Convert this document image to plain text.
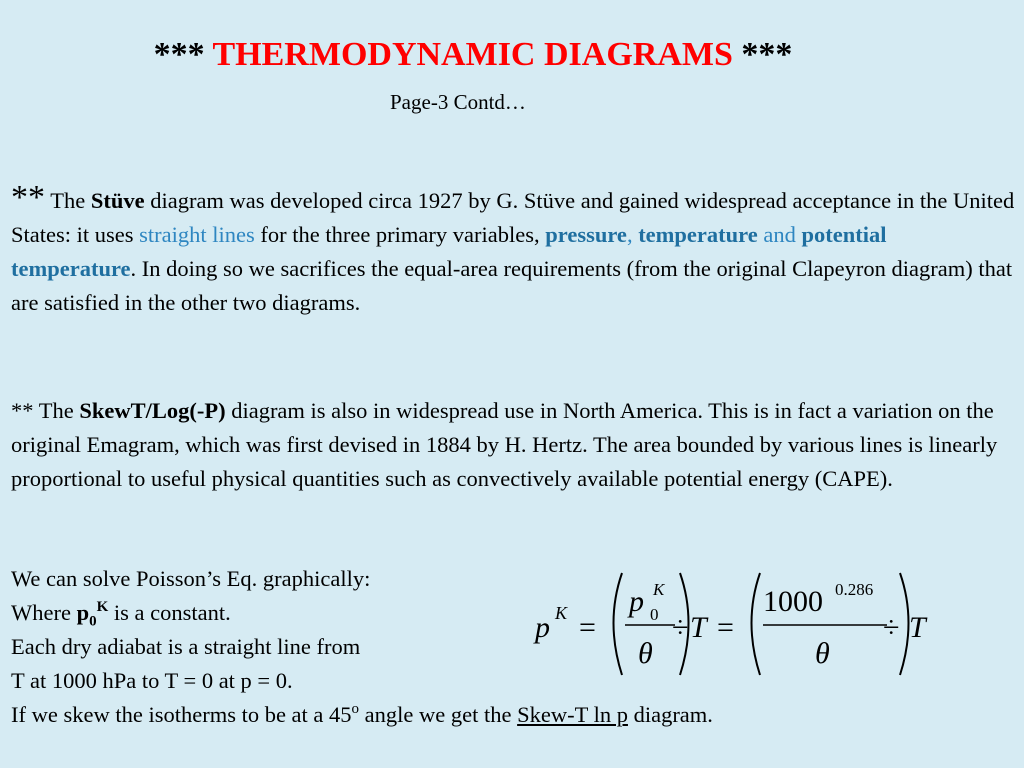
*** THERMODYNAMIC DIAGRAMS ***
Page-3 Contd…
** The Stüve diagram was developed circa 1927 by G. Stüve and gained widespread acceptance in the United States: it uses straight lines for the three primary variables, pressure, temperature and potential temperature. In doing so we sacrifices the equal-area requirements (from the original Clapeyron diagram) that are satisfied in the other two diagrams.
** The SkewT/Log(-P) diagram is also in widespread use in North America. This is in fact a variation on the original Emagram, which was first devised in 1884 by H. Hertz. The area bounded by various lines is linearly proportional to useful physical quantities such as convectively available potential energy (CAPE).
We can solve Poisson’s Eq. graphically:
Where $p_0^K$ is a constant.
Each dry adiabat is a straight line from
T at 1000 hPa to T = 0 at p = 0.
If we skew the isotherms to be at a 45$^o$ angle we get the Skew-T ln p diagram.
p K =
p K
0
θ
÷ T =
1000 0.286
θ
÷ T
